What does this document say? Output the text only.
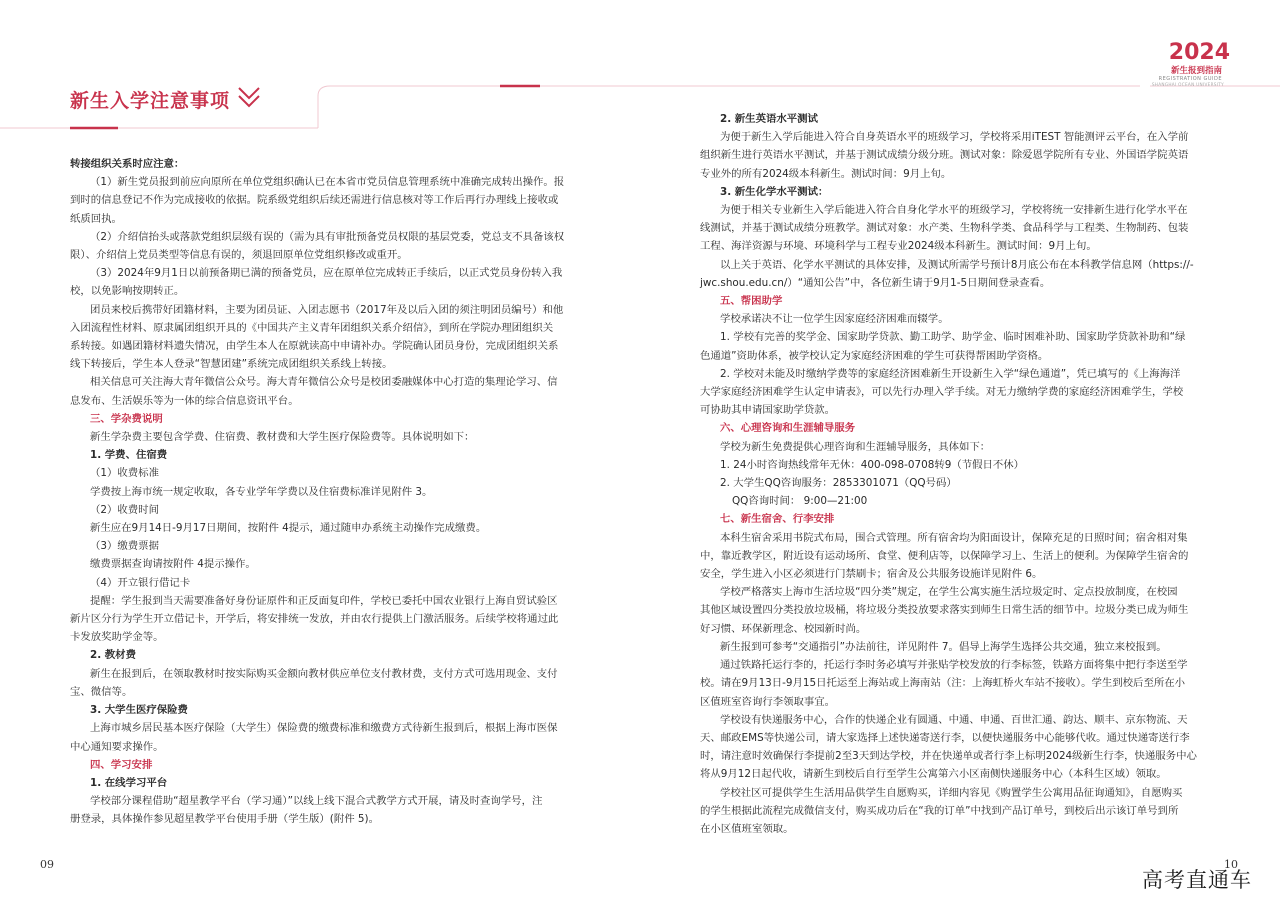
新生入学注意事项
2024
新生报到指南
REGISTRATION GUIDE
SHANGHAI OCEAN UNIVERSITY

转接组织关系时应注意：

（1）新生党员报到前应向原所在单位党组织确认已在本省市党员信息管理系统中准确完成转出操作。报

到时的信息登记不作为完成接收的依据。院系级党组织后续还需进行信息核对等工作后再行办理线上接收或

纸质回执。

（2）介绍信抬头或落款党组织层级有误的（需为具有审批预备党员权限的基层党委，党总支不具备该权

限）、介绍信上党员类型等信息有误的，须退回原单位党组织修改或重开。

（3）2024年9月1日以前预备期已满的预备党员，应在原单位完成转正手续后，以正式党员身份转入我

校，以免影响按期转正。

团员来校后携带好团籍材料，主要为团员证、入团志愿书（2017年及以后入团的须注明团员编号）和他

入团流程性材料、原隶属团组织开具的《中国共产主义青年团组织关系介绍信》，到所在学院办理团组织关

系转接。如遇团籍材料遗失情况，由学生本人在原就读高中申请补办。学院确认团员身份，完成团组织关系

线下转接后，学生本人登录“智慧团建”系统完成团组织关系线上转接。

相关信息可关注海大青年微信公众号。海大青年微信公众号是校团委融媒体中心打造的集理论学习、信

息发布、生活娱乐等为一体的综合信息资讯平台。

三、学杂费说明

新生学杂费主要包含学费、住宿费、教材费和大学生医疗保险费等。具体说明如下：

1. 学费、住宿费

（1）收费标准

学费按上海市统一规定收取，各专业学年学费以及住宿费标准详见附件 3。

（2）收费时间

新生应在9月14日-9月17日期间，按附件 4提示，通过随申办系统主动操作完成缴费。

（3）缴费票据

缴费票据查询请按附件 4提示操作。

（4）开立银行借记卡

提醒：学生报到当天需要准备好身份证原件和正反面复印件，学校已委托中国农业银行上海自贸试验区

新片区分行为学生开立借记卡，开学后，将安排统一发放，并由农行提供上门激活服务。后续学校将通过此

卡发放奖助学金等。

2. 教材费

新生在报到后，在领取教材时按实际购买金额向教材供应单位支付教材费，支付方式可选用现金、支付

宝、微信等。

3. 大学生医疗保险费

上海市城乡居民基本医疗保险（大学生）保险费的缴费标准和缴费方式待新生报到后，根据上海市医保

中心通知要求操作。

四、学习安排

1. 在线学习平台

学校部分课程借助“超星教学平台（学习通）”以线上线下混合式教学方式开展，请及时查询学号，注

册登录，具体操作参见超星教学平台使用手册（学生版）(附件 5)。

2. 新生英语水平测试

为便于新生入学后能进入符合自身英语水平的班级学习，学校将采用iTEST 智能测评云平台，在入学前

组织新生进行英语水平测试，并基于测试成绩分级分班。测试对象：除爱恩学院所有专业、外国语学院英语

专业外的所有2024级本科新生。测试时间：9月上旬。

3. 新生化学水平测试：

为便于相关专业新生入学后能进入符合自身化学水平的班级学习，学校将统一安排新生进行化学水平在

线测试，并基于测试成绩分班教学。测试对象：水产类、生物科学类、食品科学与工程类、生物制药、包装

工程、海洋资源与环境、环境科学与工程专业2024级本科新生。测试时间：9月上旬。

以上关于英语、化学水平测试的具体安排，及测试所需学号预计8月底公布在本科教学信息网（https://-

jwc.shou.edu.cn/）“通知公告”中，各位新生请于9月1-5日期间登录查看。

五、帮困助学

学校承诺决不让一位学生因家庭经济困难而辍学。

1. 学校有完善的奖学金、国家助学贷款、勤工助学、助学金、临时困难补助、国家助学贷款补助和“绿

色通道”资助体系，被学校认定为家庭经济困难的学生可获得帮困助学资格。

2. 学校对未能及时缴纳学费等的家庭经济困难新生开设新生入学“绿色通道”，凭已填写的《上海海洋

大学家庭经济困难学生认定申请表》，可以先行办理入学手续。对无力缴纳学费的家庭经济困难学生，学校

可协助其申请国家助学贷款。

六、心理咨询和生涯辅导服务

学校为新生免费提供心理咨询和生涯辅导服务，具体如下：

1. 24小时咨询热线常年无休：400-098-0708转9（节假日不休）

2. 大学生QQ咨询服务：2853301071（QQ号码）

QQ咨询时间： 9:00—21:00

七、新生宿舍、行李安排

本科生宿舍采用书院式布局，围合式管理。所有宿舍均为阳面设计，保障充足的日照时间；宿舍相对集

中，靠近教学区，附近设有运动场所、食堂、便利店等，以保障学习上、生活上的便利。为保障学生宿舍的

安全，学生进入小区必须进行门禁刷卡；宿舍及公共服务设施详见附件 6。

学校严格落实上海市生活垃圾“四分类”规定，在学生公寓实施生活垃圾定时、定点投放制度，在校园

其他区域设置四分类投放垃圾桶，将垃圾分类投放要求落实到师生日常生活的细节中。垃圾分类已成为师生

好习惯、环保新理念、校园新时尚。

新生报到可参考“交通指引”办法前往，详见附件 7。倡导上海学生选择公共交通，独立来校报到。

通过铁路托运行李的，托运行李时务必填写并张贴学校发放的行李标签，铁路方面将集中把行李送至学

校。请在9月13日-9月15日托运至上海站或上海南站（注：上海虹桥火车站不接收）。学生到校后至所在小

区值班室咨询行李领取事宜。

学校设有快递服务中心，合作的快递企业有圆通、中通、申通、百世汇通、韵达、顺丰、京东物流、天

天、邮政EMS等快递公司，请大家选择上述快递寄送行李，以便快递服务中心能够代收。通过快递寄送行李

时，请注意时效确保行李提前2至3天到达学校，并在快递单或者行李上标明2024级新生行李，快递服务中心

将从9月12日起代收，请新生到校后自行至学生公寓第六小区南侧快递服务中心（本科生区域）领取。

学校社区可提供学生生活用品供学生自愿购买，详细内容见《购置学生公寓用品征询通知》，自愿购买

的学生根据此流程完成微信支付，购买成功后在“我的订单”中找到产品订单号，到校后出示该订单号到所

在小区值班室领取。

09	10
高考直通车
